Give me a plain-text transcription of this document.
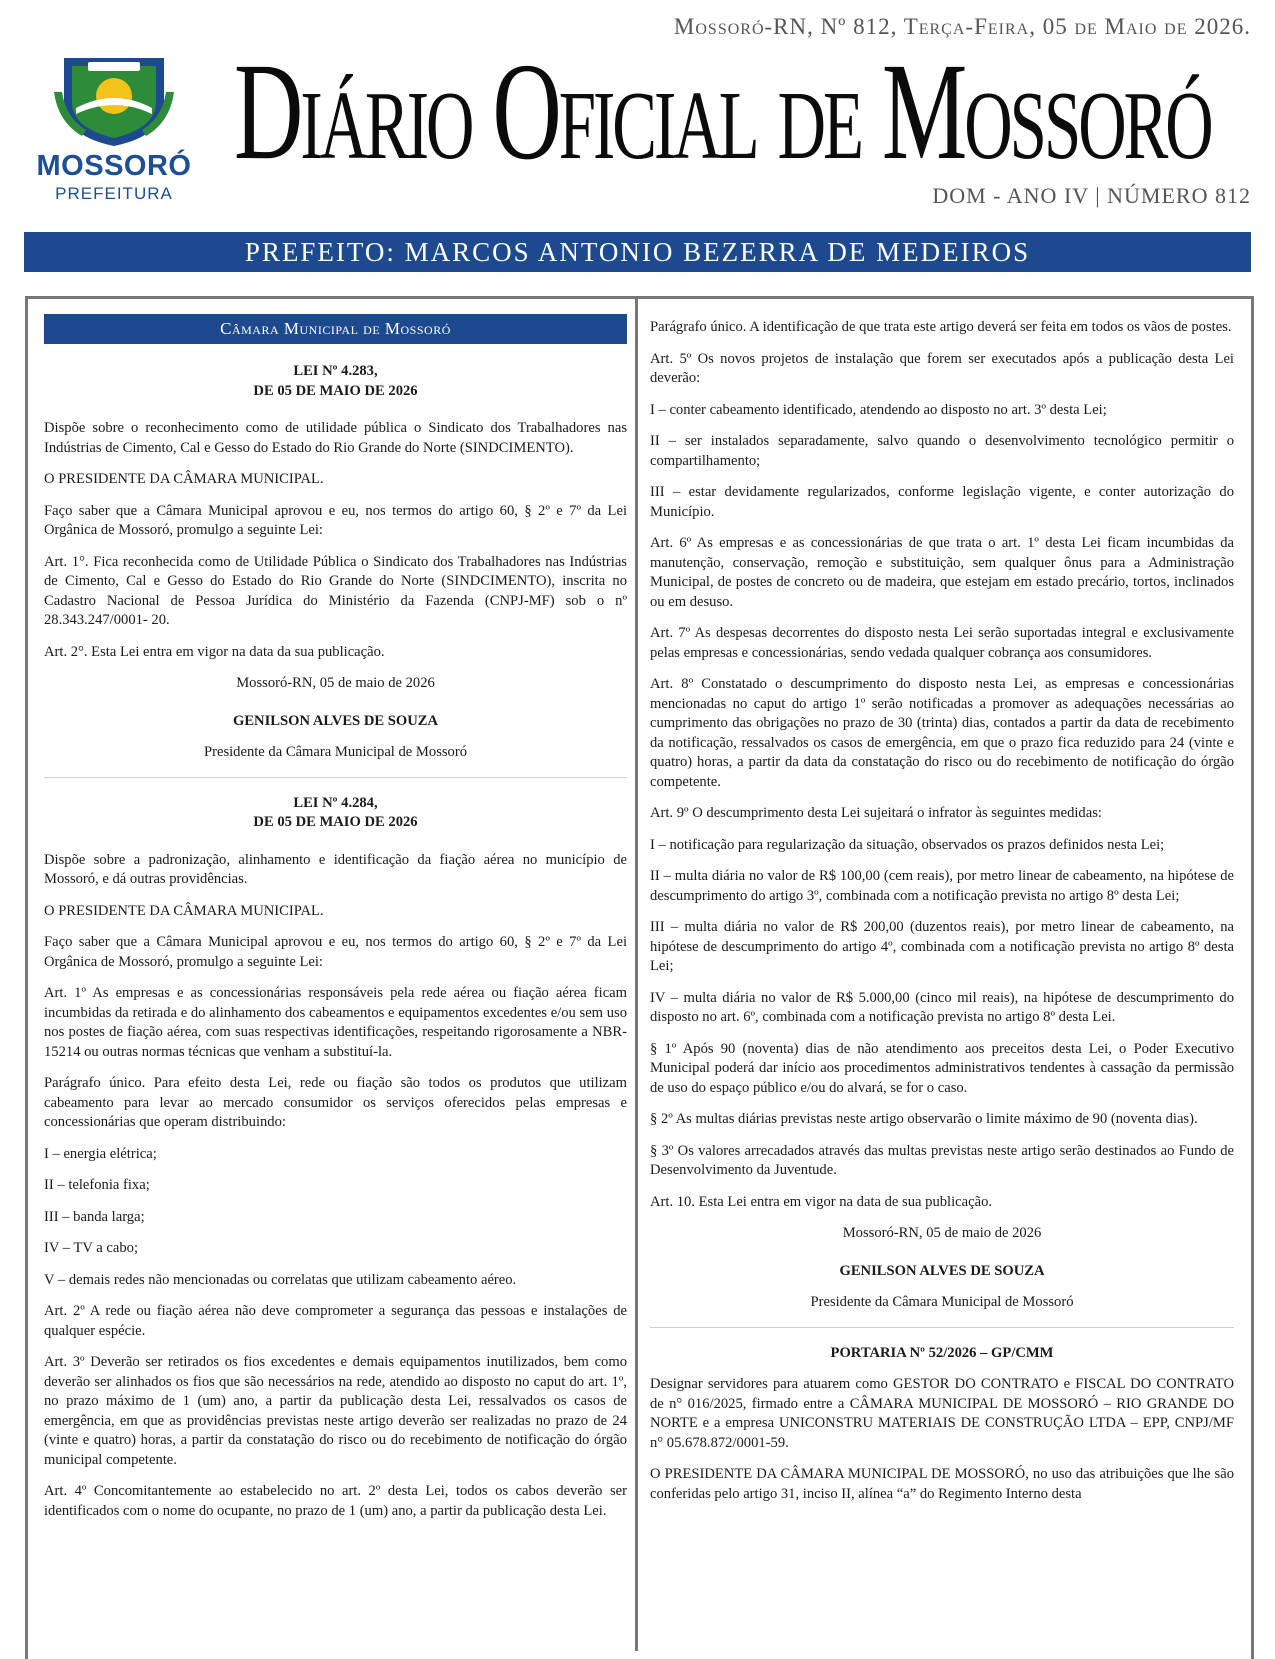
MOSSORÓ
PREFEITURA
Mossoró-RN, Nº 812, Terça-Feira, 05 de Maio de 2026.
Diário Oficial de Mossoró
DOM - ANO IV | NÚMERO 812
PREFEITO: MARCOS ANTONIO BEZERRA DE MEDEIROS
Câmara Municipal de Mossoró
LEI Nº 4.283,
DE 05 DE MAIO DE 2026

Dispõe sobre o reconhecimento como de utilidade pública o Sindicato dos Trabalhadores nas Indústrias de Cimento, Cal e Gesso do Estado do Rio Grande do Norte (SINDCIMENTO).

O PRESIDENTE DA CÂMARA MUNICIPAL.

Faço saber que a Câmara Municipal aprovou e eu, nos termos do artigo 60, § 2º e 7º da Lei Orgânica de Mossoró, promulgo a seguinte Lei:

Art. 1°. Fica reconhecida como de Utilidade Pública o Sindicato dos Trabalhadores nas Indústrias de Cimento, Cal e Gesso do Estado do Rio Grande do Norte (SINDCIMENTO), inscrita no Cadastro Nacional de Pessoa Jurídica do Ministério da Fazenda (CNPJ-MF) sob o nº 28.343.247/0001- 20.

Art. 2°. Esta Lei entra em vigor na data da sua publicação.

Mossoró-RN, 05 de maio de 2026

GENILSON ALVES DE SOUZA

Presidente da Câmara Municipal de Mossoró

LEI Nº 4.284,
DE 05 DE MAIO DE 2026

Dispõe sobre a padronização, alinhamento e identificação da fiação aérea no município de Mossoró, e dá outras providências.

O PRESIDENTE DA CÂMARA MUNICIPAL.

Faço saber que a Câmara Municipal aprovou e eu, nos termos do artigo 60, § 2º e 7º da Lei Orgânica de Mossoró, promulgo a seguinte Lei:

Art. 1º As empresas e as concessionárias responsáveis pela rede aérea ou fiação aérea ficam incumbidas da retirada e do alinhamento dos cabeamentos e equipamentos excedentes e/ou sem uso nos postes de fiação aérea, com suas respectivas identificações, respeitando rigorosamente a NBR-15214 ou outras normas técnicas que venham a substituí-la.

Parágrafo único. Para efeito desta Lei, rede ou fiação são todos os produtos que utilizam cabeamento para levar ao mercado consumidor os serviços oferecidos pelas empresas e concessionárias que operam distribuindo:

I – energia elétrica;

II – telefonia fixa;

III – banda larga;

IV – TV a cabo;

V – demais redes não mencionadas ou correlatas que utilizam cabeamento aéreo.

Art. 2º A rede ou fiação aérea não deve comprometer a segurança das pessoas e instalações de qualquer espécie.

Art. 3º Deverão ser retirados os fios excedentes e demais equipamentos inutilizados, bem como deverão ser alinhados os fios que são necessários na rede, atendido ao disposto no caput do art. 1º, no prazo máximo de 1 (um) ano, a partir da publicação desta Lei, ressalvados os casos de emergência, em que as providências previstas neste artigo deverão ser realizadas no prazo de 24 (vinte e quatro) horas, a partir da constatação do risco ou do recebimento de notificação do órgão municipal competente.

Art. 4º Concomitantemente ao estabelecido no art. 2º desta Lei, todos os cabos deverão ser identificados com o nome do ocupante, no prazo de 1 (um) ano, a partir da publicação desta Lei.

Parágrafo único. A identificação de que trata este artigo deverá ser feita em todos os vãos de postes.

Art. 5º Os novos projetos de instalação que forem ser executados após a publicação desta Lei deverão:

I – conter cabeamento identificado, atendendo ao disposto no art. 3º desta Lei;

II – ser instalados separadamente, salvo quando o desenvolvimento tecnológico permitir o compartilhamento;

III – estar devidamente regularizados, conforme legislação vigente, e conter autorização do Município.

Art. 6º As empresas e as concessionárias de que trata o art. 1º desta Lei ficam incumbidas da manutenção, conservação, remoção e substituição, sem qualquer ônus para a Administração Municipal, de postes de concreto ou de madeira, que estejam em estado precário, tortos, inclinados ou em desuso.

Art. 7º As despesas decorrentes do disposto nesta Lei serão suportadas integral e exclusivamente pelas empresas e concessionárias, sendo vedada qualquer cobrança aos consumidores.

Art. 8º Constatado o descumprimento do disposto nesta Lei, as empresas e concessionárias mencionadas no caput do artigo 1º serão notificadas a promover as adequações necessárias ao cumprimento das obrigações no prazo de 30 (trinta) dias, contados a partir da data de recebimento da notificação, ressalvados os casos de emergência, em que o prazo fica reduzido para 24 (vinte e quatro) horas, a partir da data da constatação do risco ou do recebimento de notificação do órgão competente.

Art. 9º O descumprimento desta Lei sujeitará o infrator às seguintes medidas:

I – notificação para regularização da situação, observados os prazos definidos nesta Lei;

II – multa diária no valor de R$ 100,00 (cem reais), por metro linear de cabeamento, na hipótese de descumprimento do artigo 3º, combinada com a notificação prevista no artigo 8º desta Lei;

III – multa diária no valor de R$ 200,00 (duzentos reais), por metro linear de cabeamento, na hipótese de descumprimento do artigo 4º, combinada com a notificação prevista no artigo 8º desta Lei;

IV – multa diária no valor de R$ 5.000,00 (cinco mil reais), na hipótese de descumprimento do disposto no art. 6º, combinada com a notificação prevista no artigo 8º desta Lei.

§ 1º Após 90 (noventa) dias de não atendimento aos preceitos desta Lei, o Poder Executivo Municipal poderá dar início aos procedimentos administrativos tendentes à cassação da permissão de uso do espaço público e/ou do alvará, se for o caso.

§ 2º As multas diárias previstas neste artigo observarão o limite máximo de 90 (noventa dias).

§ 3º Os valores arrecadados através das multas previstas neste artigo serão destinados ao Fundo de Desenvolvimento da Juventude.

Art. 10. Esta Lei entra em vigor na data de sua publicação.

Mossoró-RN, 05 de maio de 2026

GENILSON ALVES DE SOUZA

Presidente da Câmara Municipal de Mossoró

PORTARIA Nº 52/2026 – GP/CMM

Designar servidores para atuarem como GESTOR DO CONTRATO e FISCAL DO CONTRATO de n° 016/2025, firmado entre a CÂMARA MUNICIPAL DE MOSSORÓ – RIO GRANDE DO NORTE e a empresa UNICONSTRU MATERIAIS DE CONSTRUÇÃO LTDA – EPP, CNPJ/MF n° 05.678.872/0001-59.

O PRESIDENTE DA CÂMARA MUNICIPAL DE MOSSORÓ, no uso das atribuições que lhe são conferidas pelo artigo 31, inciso II, alínea “a” do Regimento Interno desta
